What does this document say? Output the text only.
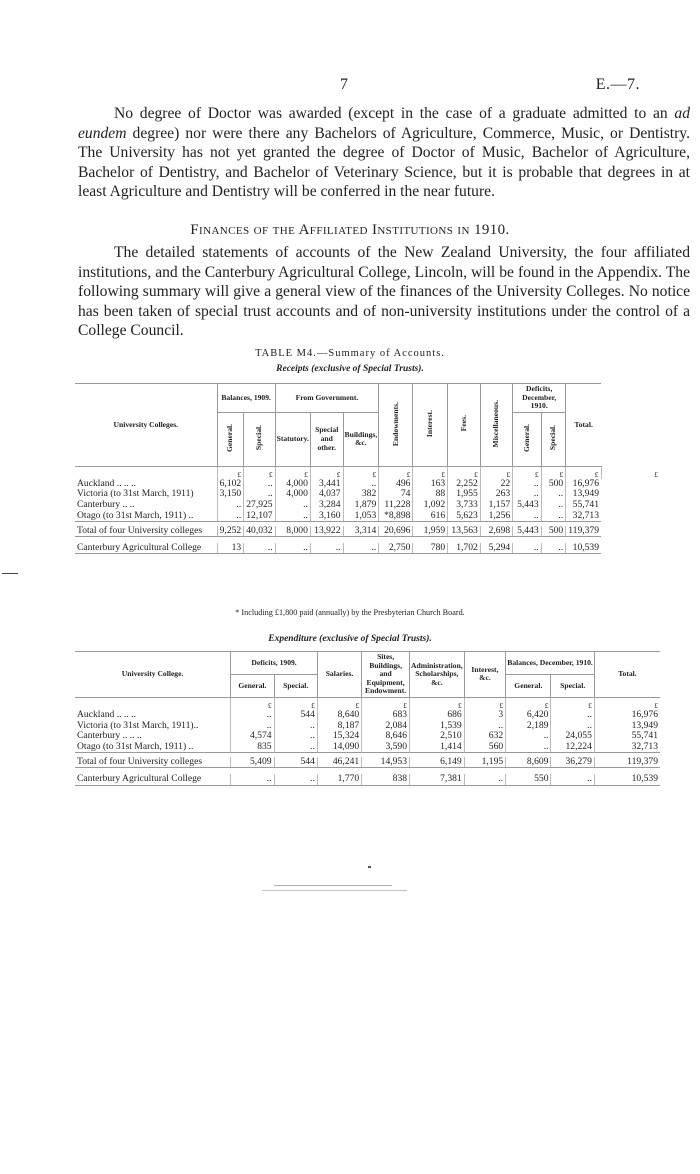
7	E.—7.

No degree of Doctor was awarded (except in the case of a graduate admitted to an ad eundem degree) nor were there any Bachelors of Agriculture, Commerce, Music, or Dentistry. The University has not yet granted the degree of Doctor of Music, Bachelor of Agriculture, Bachelor of Dentistry, and Bachelor of Veterinary Science, but it is probable that degrees in at least Agriculture and Dentistry will be conferred in the near future.

Finances of the Affiliated Institutions in 1910.

The detailed statements of accounts of the New Zealand University, the four affiliated institutions, and the Canterbury Agricultural College, Lincoln, will be found in the Appendix. The following summary will give a general view of the finances of the University Colleges. No notice has been taken of special trust accounts and of non-university institutions under the control of a College Council.

TABLE M4.—Summary of Accounts.
Receipts (exclusive of Special Trusts).
University Colleges.	Balances, 1909.		From Government.			Endowments.	Interest.	Fees.	Miscellaneous.	Deficits, December, 1910.		Total.	
	General.	Special.	Statutory.	Special and other.	Buildings, &c.					General.	Special.		
	£	£	£	£	£	£	£	£	£	£	£	£	£
Auckland .. .. ..	6,102	..	4,000	3,441	..	496	163	2,252	22	..	500	16,976	
Victoria (to 31st March, 1911)	3,150	..	4,000	4,037	382	74	88	1,955	263	..	..	13,949	
Canterbury .. ..	..	27,925	..	3,284	1,879	11,228	1,092	3,733	1,157	5,443	..	55,741	
Otago (to 31st March, 1911) ..	..	12,107	..	3,160	1,053	*8,898	616	5,623	1,256	..	..	32,713	

Total of four University colleges	9,252	40,032	8,000	13,922	3,314	20,696	1,959	13,563	2,698	5,443	500	119,379	

Canterbury Agricultural College	13	..	..	..	..	2,750	780	1,702	5,294	..	..	10,539	
* Including £1,800 paid (annually) by the Presbyterian Church Board.
Expenditure (exclusive of Special Trusts).
University College.	Deficits, 1909.		Salaries.	Sites, Buildings, and Equipment, Endowment.	Administration, Scholarships, &c.	Interest, &c.	Balances, December, 1910.		Total.
	General.	Special.					General.	Special.	
	£	£	£	£	£	£	£	£	£
Auckland .. .. ..	..	544	8,640	683	686	3	6,420	..	16,976
Victoria (to 31st March, 1911)..	..	..	8,187	2,084	1,539	..	2,189	..	13,949
Canterbury .. .. ..	4,574	..	15,324	8,646	2,510	632	..	24,055	55,741
Otago (to 31st March, 1911) ..	835	..	14,090	3,590	1,414	560	..	12,224	32,713

Total of four University colleges	5,409	544	46,241	14,953	6,149	1,195	8,609	36,279	119,379

Canterbury Agricultural College	..	..	1,770	838	7,381	..	550	..	10,539
